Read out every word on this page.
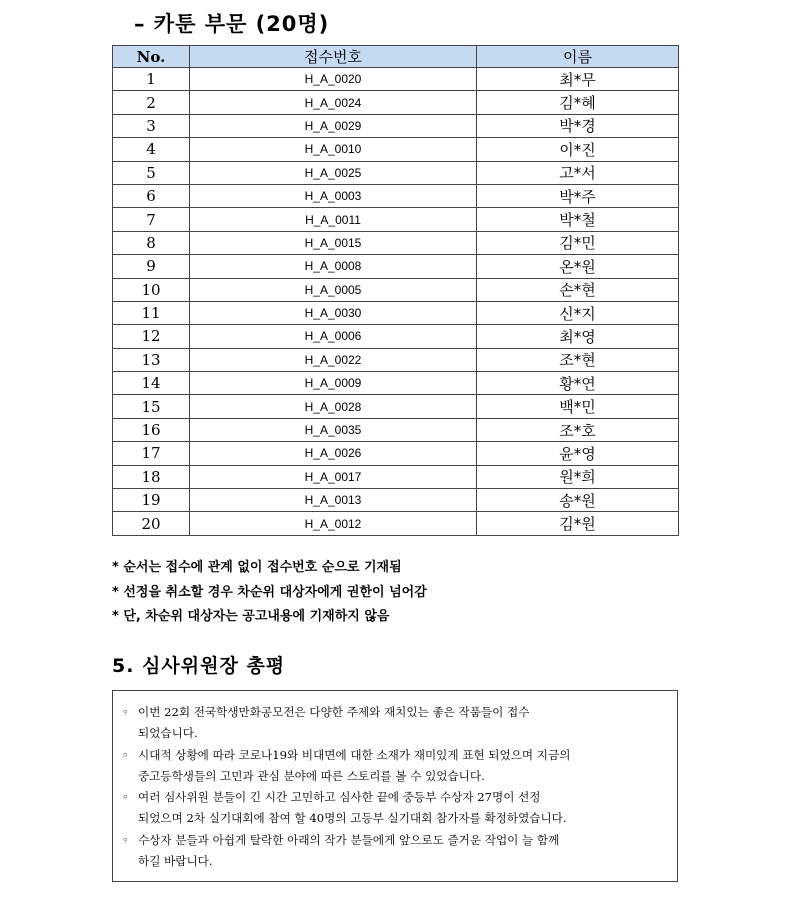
– 카툰 부문 (20명)
No.	접수번호	이름
1	H_A_0020	최*무
2	H_A_0024	김*혜
3	H_A_0029	박*경
4	H_A_0010	이*진
5	H_A_0025	고*서
6	H_A_0003	박*주
7	H_A_0011	박*철
8	H_A_0015	김*민
9	H_A_0008	온*원
10	H_A_0005	손*현
11	H_A_0030	신*지
12	H_A_0006	최*영
13	H_A_0022	조*현
14	H_A_0009	황*연
15	H_A_0028	백*민
16	H_A_0035	조*호
17	H_A_0026	윤*영
18	H_A_0017	원*희
19	H_A_0013	송*원
20	H_A_0012	김*원
* 순서는 접수에 관계 없이 접수번호 순으로 기재됨
* 선정을 취소할 경우 차순위 대상자에게 권한이 넘어감
* 단, 차순위 대상자는 공고내용에 기재하지 않음
5. 심사위원장 총평
◦ 이번 22회 전국학생만화공모전은 다양한 주제와 재치있는 좋은 작품들이 접수
되었습니다.
◦ 시대적 상황에 따라 코로나19와 비대면에 대한 소재가 재미있게 표현 되었으며 지금의
중고등학생들의 고민과 관심 분야에 따른 스토리를 볼 수 있었습니다.
◦ 여러 심사위원 분들이 긴 시간 고민하고 심사한 끝에 중등부 수상자 27명이 선정
되었으며 2차 실기대회에 참여 할 40명의 고등부 실기대회 참가자를 확정하였습니다.
◦ 수상자 분들과 아쉽게 탈락한 아래의 작가 분들에게 앞으로도 즐거운 작업이 늘 함께
하길 바랍니다.
